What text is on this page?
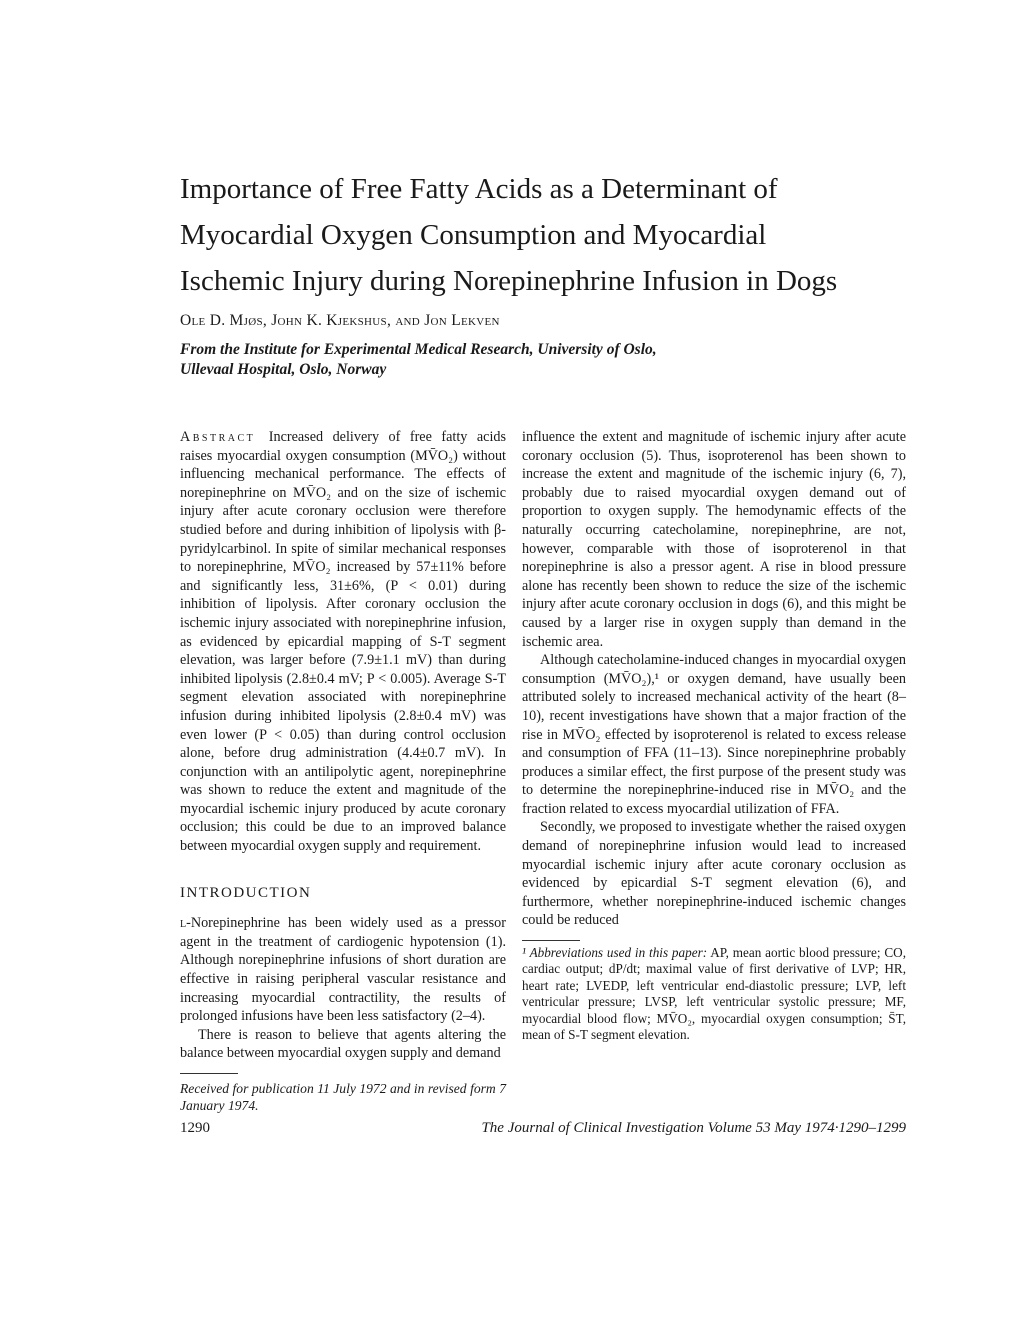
Importance of Free Fatty Acids as a Determinant of
Myocardial Oxygen Consumption and Myocardial
Ischemic Injury during Norepinephrine Infusion in Dogs
Ole D. Mjøs, John K. Kjekshus, and Jon Lekven
From the Institute for Experimental Medical Research, University of Oslo,
Ullevaal Hospital, Oslo, Norway

Abstract Increased delivery of free fatty acids raises myocardial oxygen consumption (MV̄O₂) without influencing mechanical performance. The effects of norepinephrine on MV̄O₂ and on the size of ischemic injury after acute coronary occlusion were therefore studied before and during inhibition of lipolysis with β-pyridylcarbinol. In spite of similar mechanical responses to norepinephrine, MV̄O₂ increased by 57±11% before and significantly less, 31±6%, (P < 0.01) during inhibition of lipolysis. After coronary occlusion the ischemic injury associated with norepinephrine infusion, as evidenced by epicardial mapping of S-T segment elevation, was larger before (7.9±1.1 mV) than during inhibited lipolysis (2.8±0.4 mV; P < 0.005). Average S-T segment elevation associated with norepinephrine infusion during inhibited lipolysis (2.8±0.4 mV) was even lower (P < 0.05) than during control occlusion alone, before drug administration (4.4±0.7 mV). In conjunction with an antilipolytic agent, norepinephrine was shown to reduce the extent and magnitude of the myocardial ischemic injury produced by acute coronary occlusion; this could be due to an improved balance between myocardial oxygen supply and requirement.

INTRODUCTION

l-Norepinephrine has been widely used as a pressor agent in the treatment of cardiogenic hypotension (1). Although norepinephrine infusions of short duration are effective in raising peripheral vascular resistance and increasing myocardial contractility, the results of prolonged infusions have been less satisfactory (2–4).

There is reason to believe that agents altering the balance between myocardial oxygen supply and demand

Received for publication 11 July 1972 and in revised form 7 January 1974.

influence the extent and magnitude of ischemic injury after acute coronary occlusion (5). Thus, isoproterenol has been shown to increase the extent and magnitude of the ischemic injury (6, 7), probably due to raised myocardial oxygen demand out of proportion to oxygen supply. The hemodynamic effects of the naturally occurring catecholamine, norepinephrine, are not, however, comparable with those of isoproterenol in that norepinephrine is also a pressor agent. A rise in blood pressure alone has recently been shown to reduce the size of the ischemic injury after acute coronary occlusion in dogs (6), and this might be caused by a larger rise in oxygen supply than demand in the ischemic area.

Although catecholamine-induced changes in myocardial oxygen consumption (MV̄O₂),¹ or oxygen demand, have usually been attributed solely to increased mechanical activity of the heart (8–10), recent investigations have shown that a major fraction of the rise in MV̄O₂ effected by isoproterenol is related to excess release and consumption of FFA (11–13). Since norepinephrine probably produces a similar effect, the first purpose of the present study was to determine the norepinephrine-induced rise in MV̄O₂ and the fraction related to excess myocardial utilization of FFA.

Secondly, we proposed to investigate whether the raised oxygen demand of norepinephrine infusion would lead to increased myocardial ischemic injury after acute coronary occlusion as evidenced by epicardial S-T segment elevation (6), and furthermore, whether norepinephrine-induced ischemic changes could be reduced

¹ Abbreviations used in this paper: AP, mean aortic blood pressure; CO, cardiac output; dP/dt; maximal value of first derivative of LVP; HR, heart rate; LVEDP, left ventricular end-diastolic pressure; LVP, left ventricular pressure; LVSP, left ventricular systolic pressure; MF, myocardial blood flow; MV̄O₂, myocardial oxygen consumption; S̄T, mean of S-T segment elevation.

1290	The Journal of Clinical Investigation Volume 53 May 1974·1290–1299
